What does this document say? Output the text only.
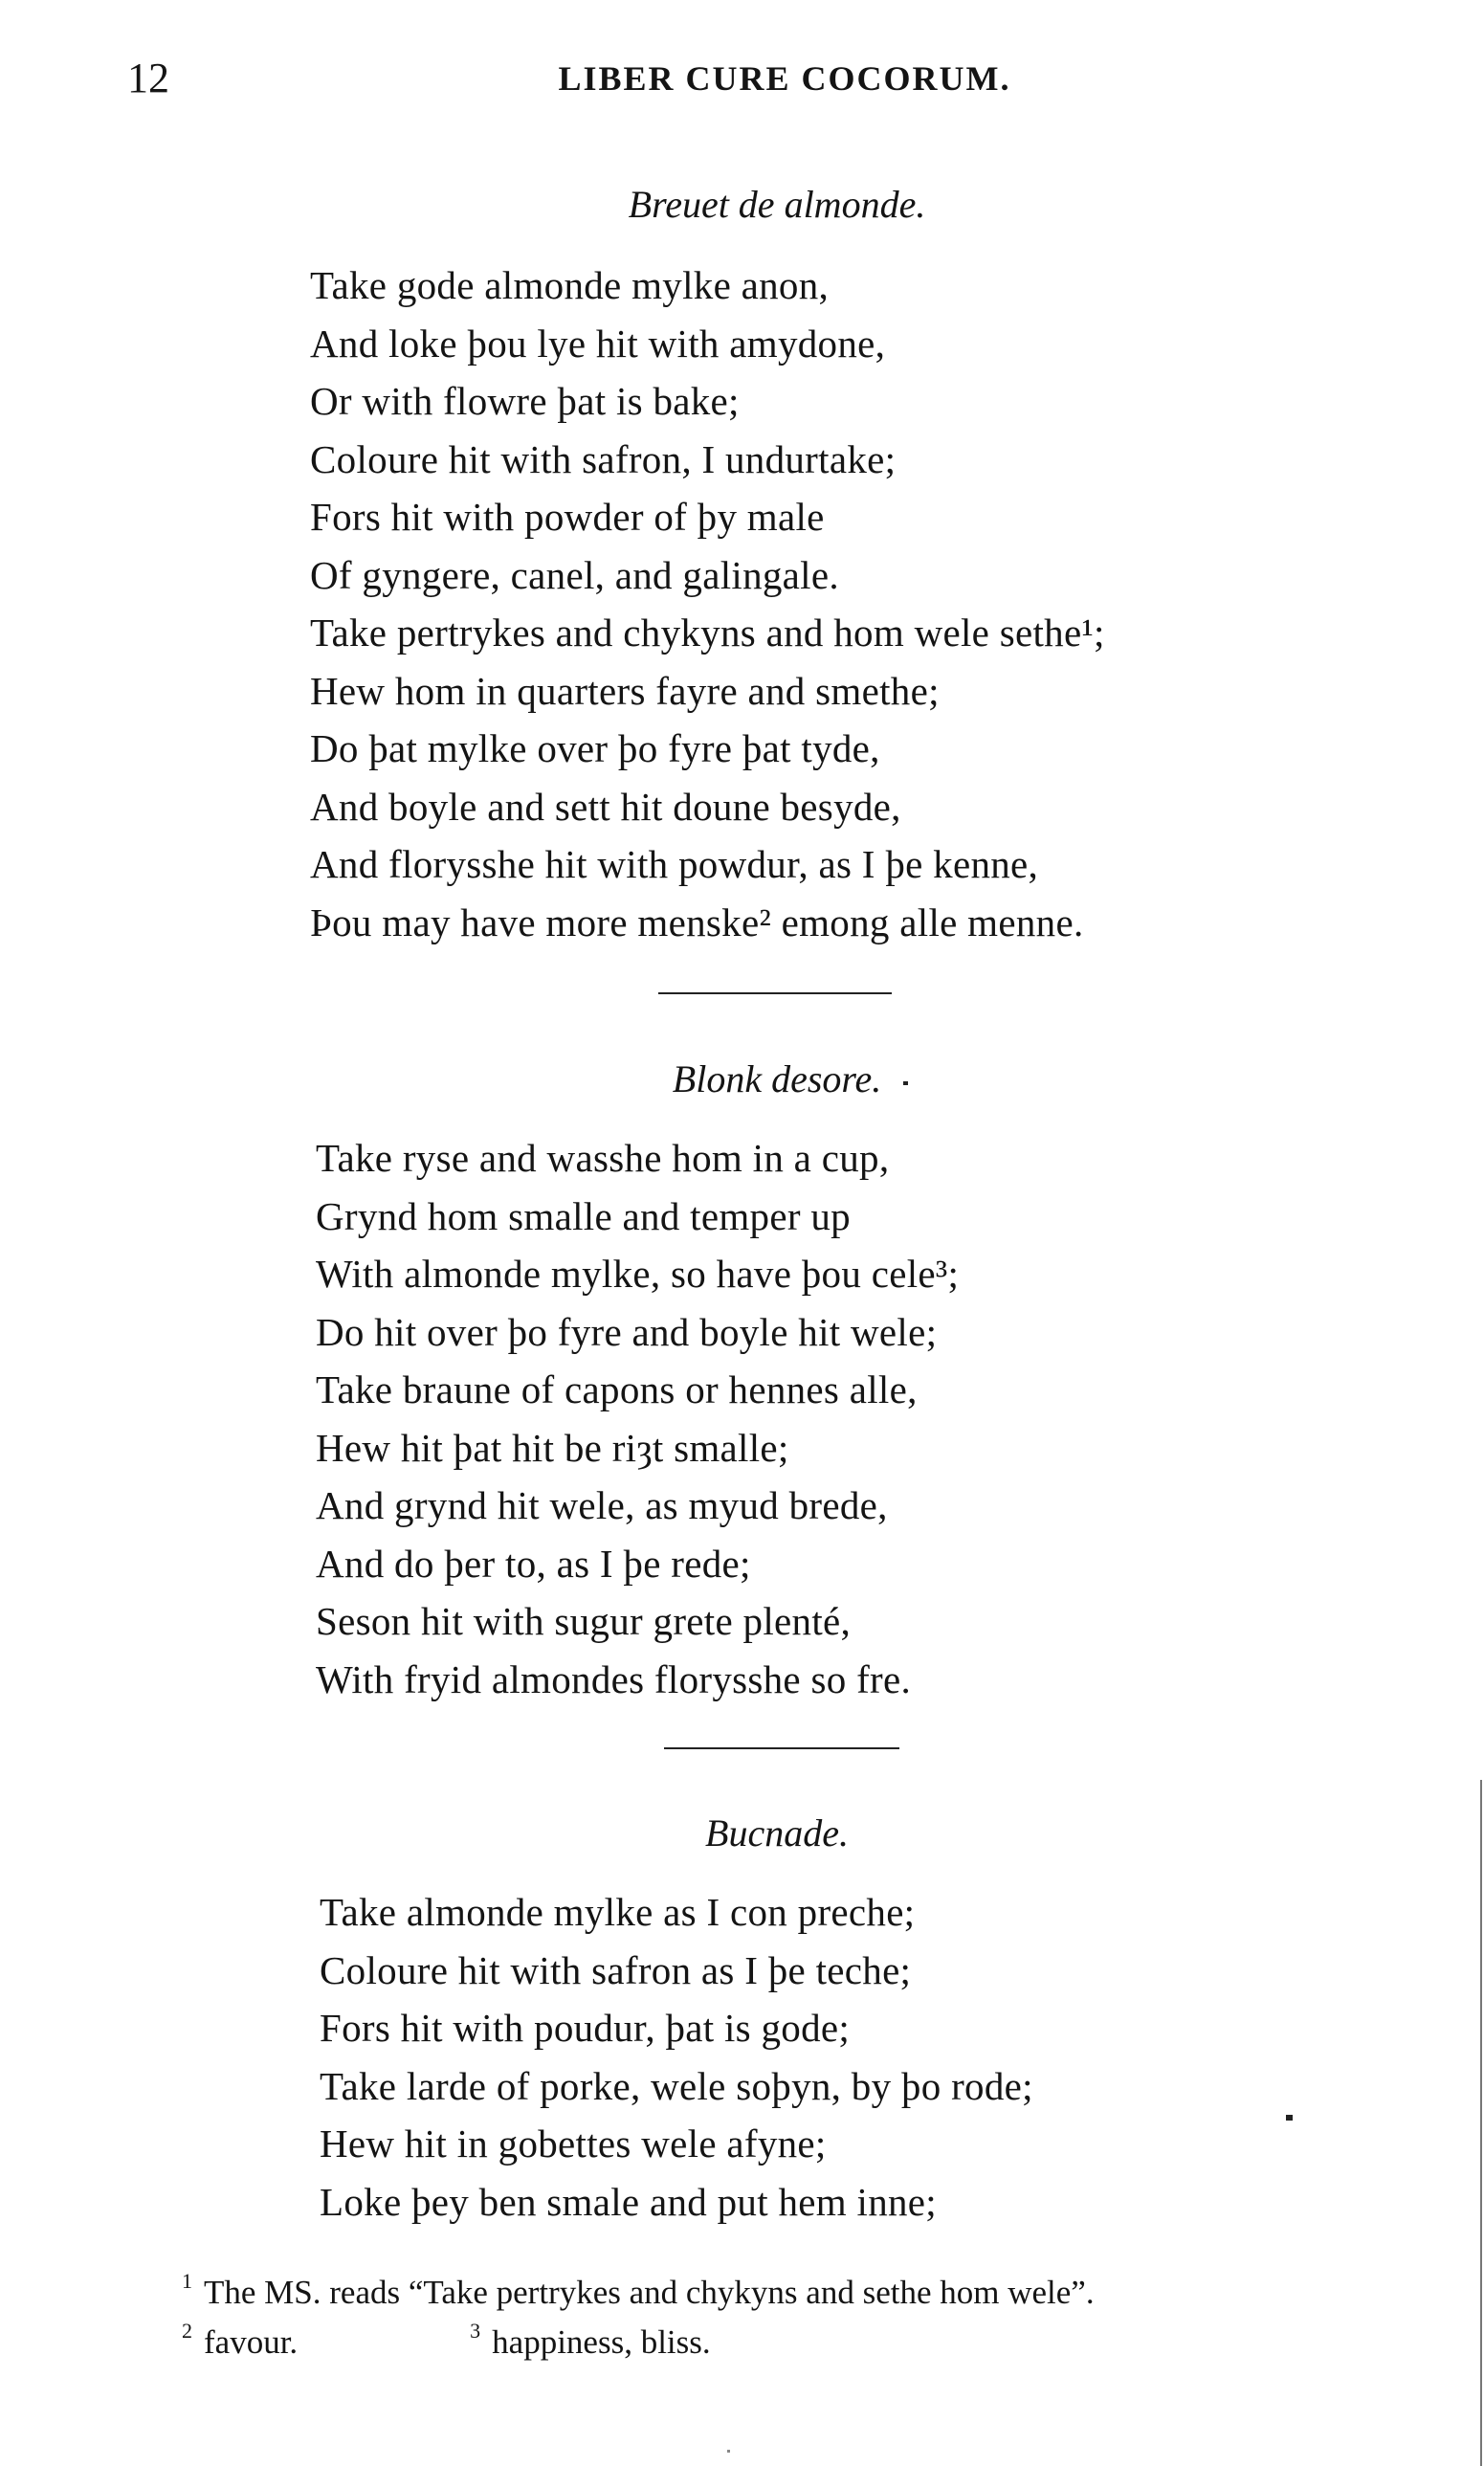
12	LIBER CURE COCORUM.
Breuet de almonde.
Take gode almonde mylke anon,
And loke þou lye hit with amydone,
Or with flowre þat is bake;
Coloure hit with safron, I undurtake;
Fors hit with powder of þy male
Of gyngere, canel, and galingale.
Take pertrykes and chykyns and hom wele sethe¹;
Hew hom in quarters fayre and smethe;
Do þat mylke over þo fyre þat tyde,
And boyle and sett hit doune besyde,
And florysshe hit with powdur, as I þe kenne,
Þou may have more menske² emong alle menne.
Blonk desore.
Take ryse and wasshe hom in a cup,
Grynd hom smalle and temper up
With almonde mylke, so have þou cele³;
Do hit over þo fyre and boyle hit wele;
Take braune of capons or hennes alle,
Hew hit þat hit be riȝt smalle;
And grynd hit wele, as myud brede,
And do þer to, as I þe rede;
Seson hit with sugur grete plenté,
With fryid almondes florysshe so fre.
Bucnade.
Take almonde mylke as I con preche;
Coloure hit with safron as I þe teche;
Fors hit with poudur, þat is gode;
Take larde of porke, wele soþyn, by þo rode;
Hew hit in gobettes wele afyne;
Loke þey ben smale and put hem inne;
1 The MS. reads “Take pertrykes and chykyns and sethe hom wele”.
2 favour.	3 happiness, bliss.
